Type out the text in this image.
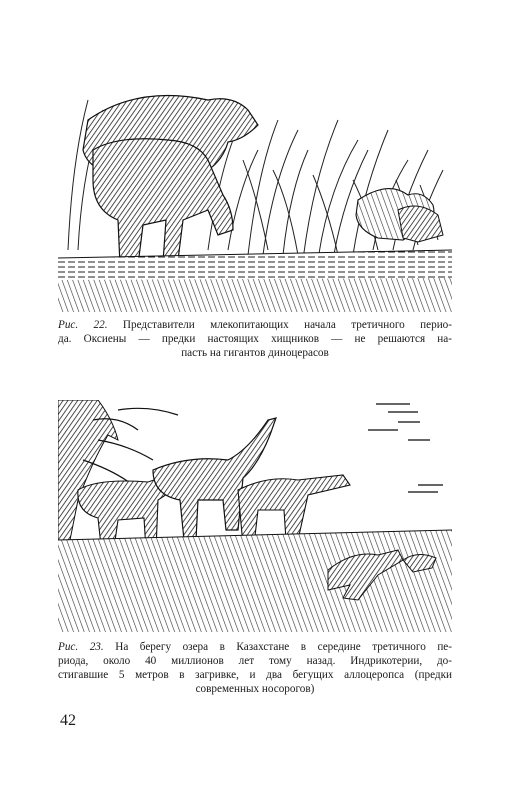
Рис. 22. Представители млекопитающих начала третичного перио-
да. Оксиены — предки настоящих хищников — не решаются на-
пасть на гигантов диноцерасов

Рис. 23. На берегу озера в Казахстане в середине третичного пе-
риода, около 40 миллионов лет тому назад. Индрикотерии, до-
стигавшие 5 метров в загривке, и два бегущих аллоцеропса (предки
современных носорогов)

42
